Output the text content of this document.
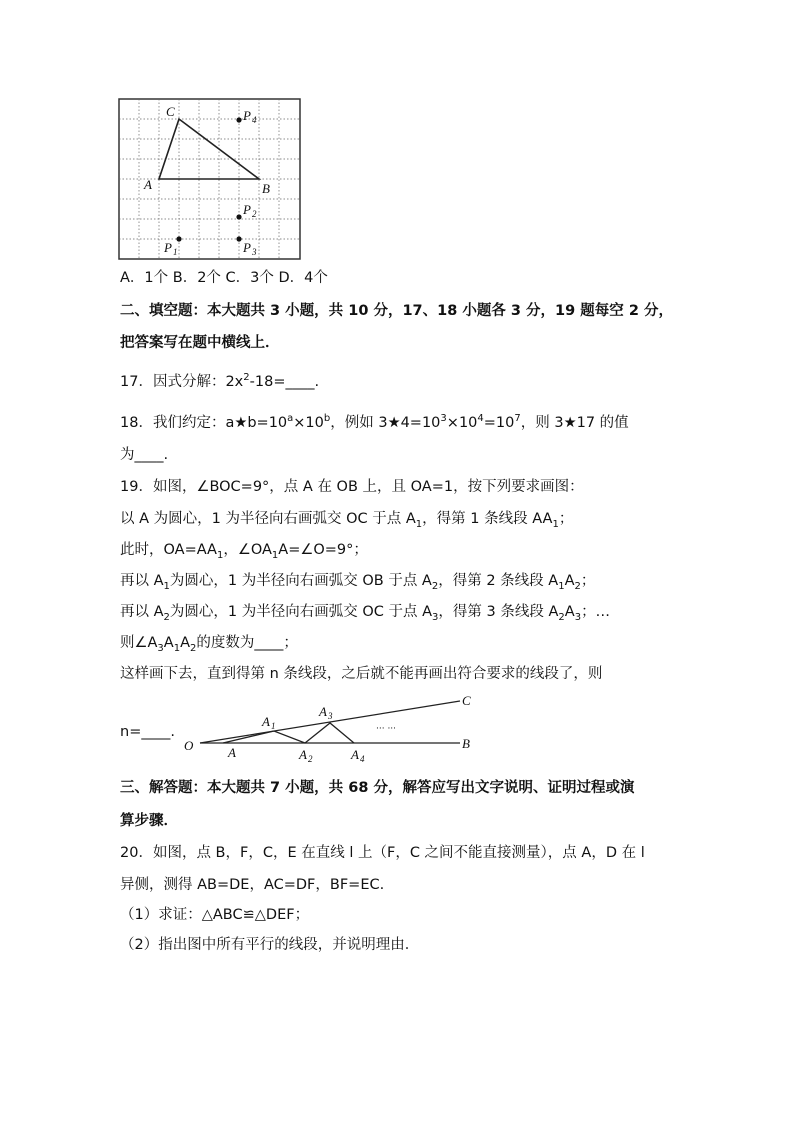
C
A	B
P 4
P 2
P 1	P 3
A．1个 B．2个 C．3个 D．4个
二、填空题：本大题共 3 小题，共 10 分，17、18 小题各 3 分，19 题每空 2 分，
把答案写在题中横线上．
17．因式分解：$2x^2-18=\_\_\_\_$.
18．我们约定：$a★b=10^a\times 10^b$，例如 $3★4=10^3\times 10^4=10^7$，则 3★17 的值
为____.
19．如图，∠BOC=9°，点 A 在 OB 上，且 OA=1，按下列要求画图：
以 A 为圆心，1 为半径向右画弧交 OC 于点 $A_1$，得第 1 条线段 $AA_1$；
此时，$OA=AA_1$，$\angle OA_1A=\angle O=9^\circ$；
再以 $A_1$为圆心，1 为半径向右画弧交 OB 于点 $A_2$，得第 2 条线段 $A_1A_2$；
再以 $A_2$为圆心，1 为半径向右画弧交 OC 于点 $A_3$，得第 3 条线段 $A_2A_3$；…
则$\angle A_3A_1A_2$的度数为____；
这样画下去，直到得第 n 条线段，之后就不能再画出符合要求的线段了，则
n=____.
O	A
A 1
A 2
A 3
A 4
B
C
··· ···
三、解答题：本大题共 7 小题，共 68 分，解答应写出文字说明、证明过程或演
算步骤．
20．如图，点 B，F，C，E 在直线 l 上（F，C 之间不能直接测量），点 A，D 在 l
异侧，测得 AB=DE，AC=DF，BF=EC.
（1）求证：△ABC≌△DEF；
（2）指出图中所有平行的线段，并说明理由．
